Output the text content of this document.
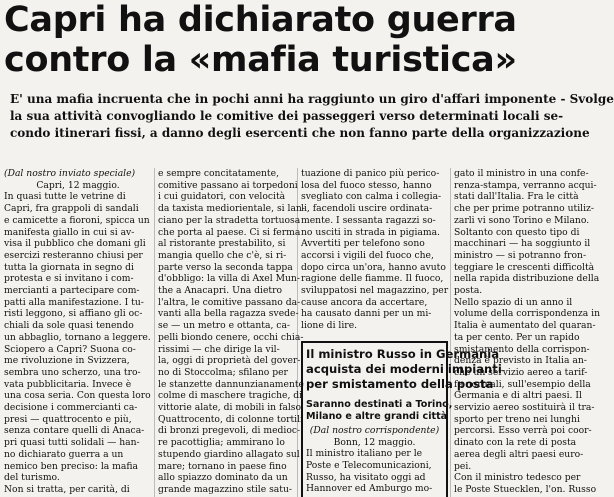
Capri ha dichiarato guerra
contro la «mafia turistica»
E' una mafia incruenta che in pochi anni ha raggiunto un giro d'affari imponente - Svolge
la sua attività convogliando le comitive dei passeggeri verso determinati locali se-
condo itinerari fissi, a danno degli esercenti che non fanno parte della organizzazione
(Dal nostro inviato speciale)
Capri, 12 maggio.
In quasi tutte le vetrine di
Capri, fra grappoli di sandali
e camicette a fioroni, spicca un
manifesta giallo in cui si av-
visa il pubblico che domani gli
esercizi resteranno chiusi per
tutta la giornata in segno di
protesta e si invitano i com-
mercianti a partecipare com-
patti alla manifestazione. I tu-
risti leggono, si affiano gli oc-
chiali da sole quasi tenendo
un abbaglio, tornano a leggere.
Sciopero a Capri? Suona co-
me rivoluzione in Svizzera,
sembra uno scherzo, una tro-
vata pubblicitaria. Invece è
una cosa seria. Con questa loro
decisione i commercianti ca-
presi — quattrocento e più,
senza contare quelli di Anaca-
pri quasi tutti solidali — han-
no dichiarato guerra a un
nemico ben preciso: la mafia
del turismo.
Non si tratta, per carità, di
e sempre concitatamente,
comitive passano ai torpedoni
i cui guidatori, con velocità
da taxista mediorientale, si lan-
ciano per la stradetta tortuosa
che porta al paese. Ci si ferma
al ristorante prestabilito, si
mangia quello che c'è, si ri-
parte verso la seconda tappa
d'obbligo: la villa di Axel Mun-
the a Anacapri. Una dietro
l'altra, le comitive passano da-
vanti alla bella ragazza svede-
se — un metro e ottanta, ca-
pelli biondo cenere, occhi chia-
rissimi — che dirige la vil-
la, oggi di proprietà del gover-
no di Stoccolma; sfilano per
le stanzette dannunzianamente
colme di maschere tragiche, di
vittorie alate, di mobili in falso
Quattrocento, di colonne tortili
di bronzi pregevoli, di medioc-
re pacottiglia; ammirano lo
stupendo giardino allagato sul
mare; tornano in paese fino
allo spiazzo dominato da un
grande magazzino stile satu-
tuazione di panico più perico-
losa del fuoco stesso, hanno
svegliato con calma i collegia-
li, facendoli uscire ordinata-
mente. I sessanta ragazzi so-
no usciti in strada in pigiama.
Avvertiti per telefono sono
accorsi i vigili del fuoco che,
dopo circa un'ora, hanno avuto
ragione delle fiamme. Il fuoco,
sviluppatosi nel magazzino, per
cause ancora da accertare,
ha causato danni per un mi-
lione di lire.
Il ministro Russo in Germania
acquista dei moderni impianti
per smistamento della posta
Saranno destinati a Torino,
Milano e altre grandi città
(Dal nostro corrispondente)
Bonn, 12 maggio.
Il ministro italiano per le
Poste e Telecomunicazioni,
Russo, ha visitato oggi ad
Hannover ed Amburgo mo-
gato il ministro in una confe-
renza-stampa, verranno acqui-
stati dall'Italia. Fra le città
che per prime potranno utiliz-
zarli vi sono Torino e Milano.
Soltanto con questo tipo di
macchinari — ha soggiunto il
ministro — si potranno fron-
teggiare le crescenti difficoltà
nella rapida distribuzione della
posta.
Nello spazio di un anno il
volume della corrispondenza in
Italia è aumentato del quaran-
ta per cento. Per un rapido
smistamento della corrispon-
denza è previsto in Italia an-
che un servizio aereo a tarif-
fe normali, sull'esempio della
Germania e di altri paesi. Il
servizio aereo sostituirà il tra-
sporto per treno nei lunghi
percorsi. Esso verrà poi coor-
dinato con la rete di posta
aerea degli altri paesi euro-
pei.
Con il ministro tedesco per
le Poste Stuecklen, l'on. Russo
